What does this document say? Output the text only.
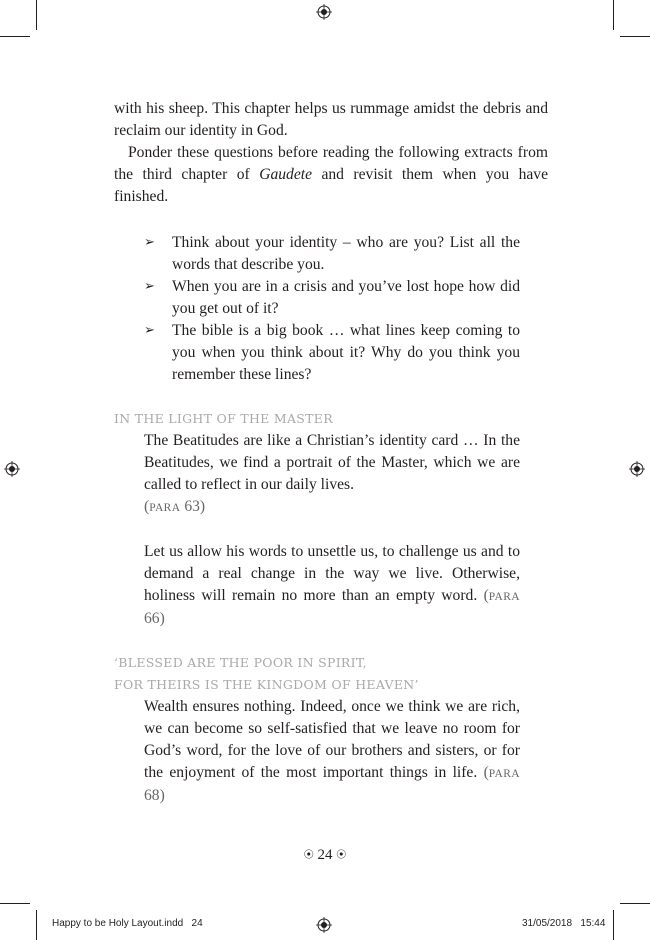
with his sheep. This chapter helps us rummage amidst the debris and reclaim our identity in God.

Ponder these questions before reading the following extracts from the third chapter of Gaudete and revisit them when you have finished.

➢ Think about your identity – who are you? List all the words that describe you.
➢ When you are in a crisis and you’ve lost hope how did you get out of it?
➢ The bible is a big book … what lines keep coming to you when you think about it? Why do you think you remember these lines?
IN THE LIGHT OF THE MASTER

The Beatitudes are like a Christian’s identity card … In the Beatitudes, we find a portrait of the Master, which we are called to reflect in our daily lives.
(PARA 63)

Let us allow his words to unsettle us, to challenge us and to demand a real change in the way we live. Otherwise, holiness will remain no more than an empty word. (PARA 66)

‘BLESSED ARE THE POOR IN SPIRIT,
FOR THEIRS IS THE KINGDOM OF HEAVEN’

Wealth ensures nothing. Indeed, once we think we are rich, we can become so self-satisfied that we leave no room for God’s word, for the love of our brothers and sisters, or for the enjoyment of the most important things in life. (PARA 68)

⦿ 24 ⦿
Happy to be Holy Layout.indd   24	31/05/2018   15:44
